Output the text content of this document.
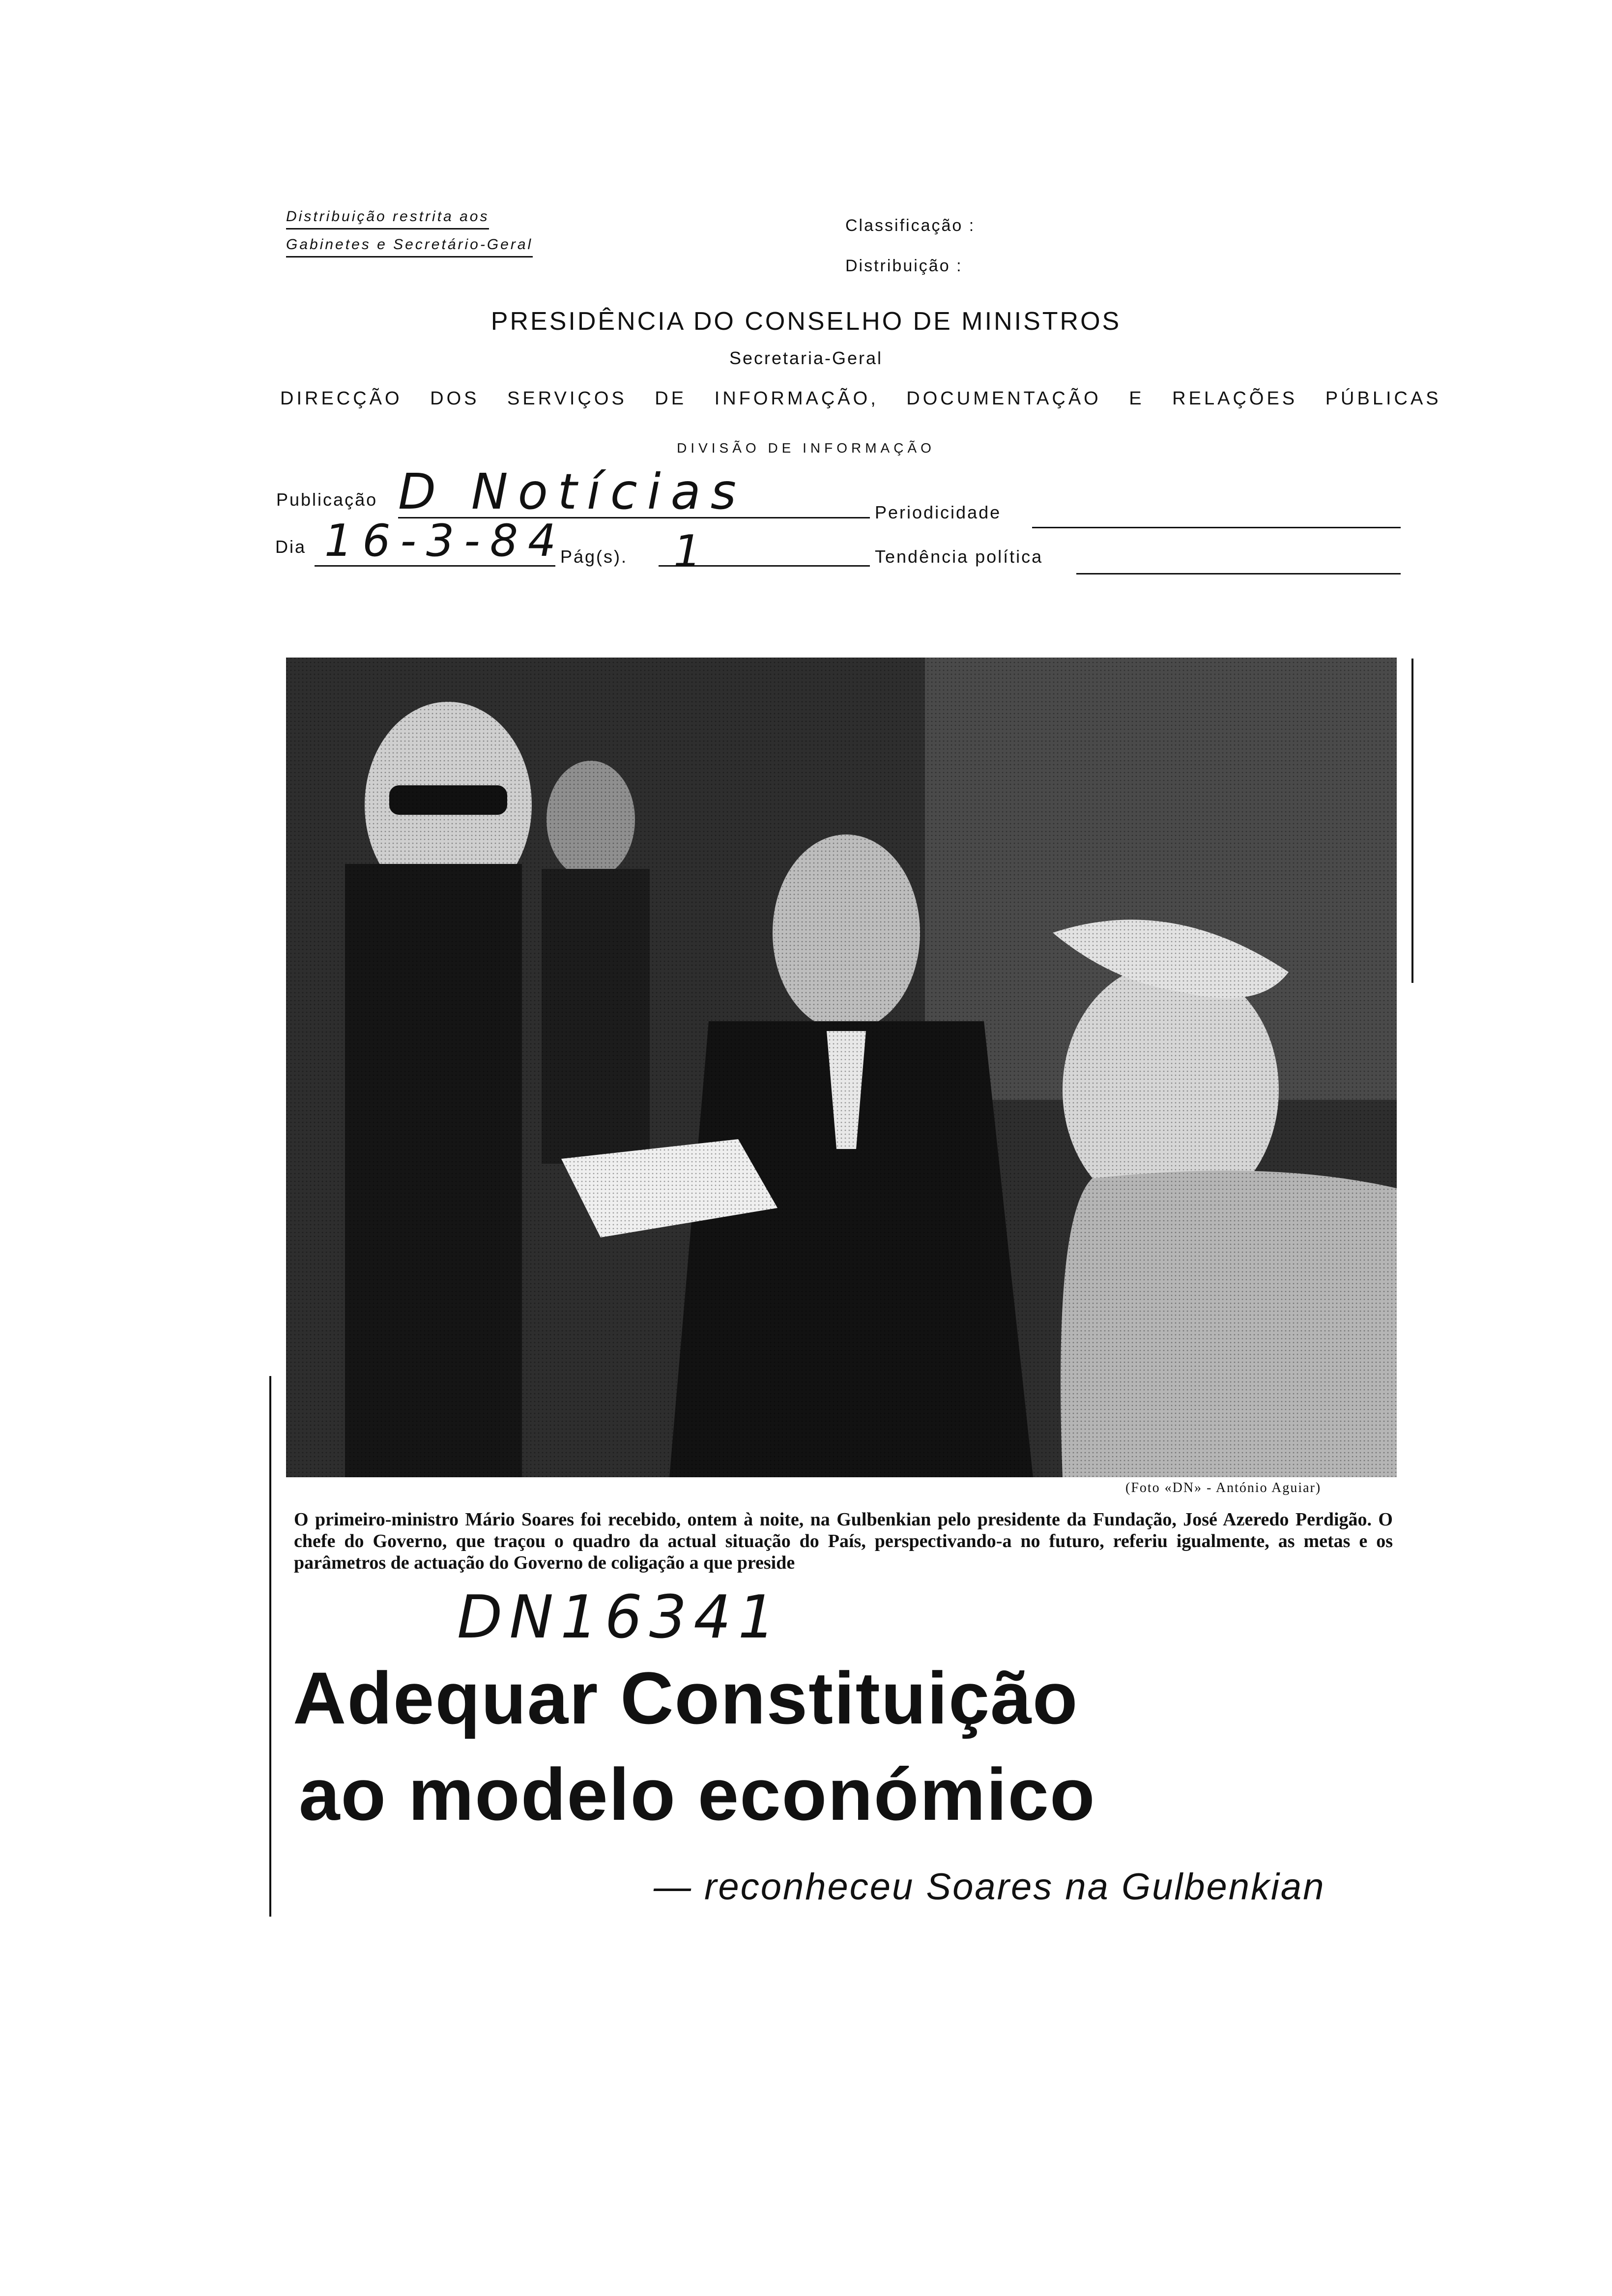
Distribuição restrita aos
Gabinetes e Secretário-Geral
Classificação :
Distribuição :
PRESIDÊNCIA DO CONSELHO DE MINISTROS
Secretaria-Geral
DIRECÇÃO DOS SERVIÇOS DE INFORMAÇÃO, DOCUMENTAÇÃO E RELAÇÕES PÚBLICAS
DIVISÃO DE INFORMAÇÃO
Publicação D Notícias	Periodicidade
Dia 16-3-84
Pág(s). 1	Tendência política
(Foto «DN» - António Aguiar)
O primeiro-ministro Mário Soares foi recebido, ontem à noite, na Gulbenkian pelo presidente da Fundação, José Azeredo Perdigão. O chefe do Governo, que traçou o quadro da actual situação do País, perspectivando-a no futuro, referiu igualmente, as metas e os parâmetros de actuação do Governo de coligação a que preside
DN16341
Adequar Constituição
ao modelo económico
— reconheceu Soares na Gulbenkian
